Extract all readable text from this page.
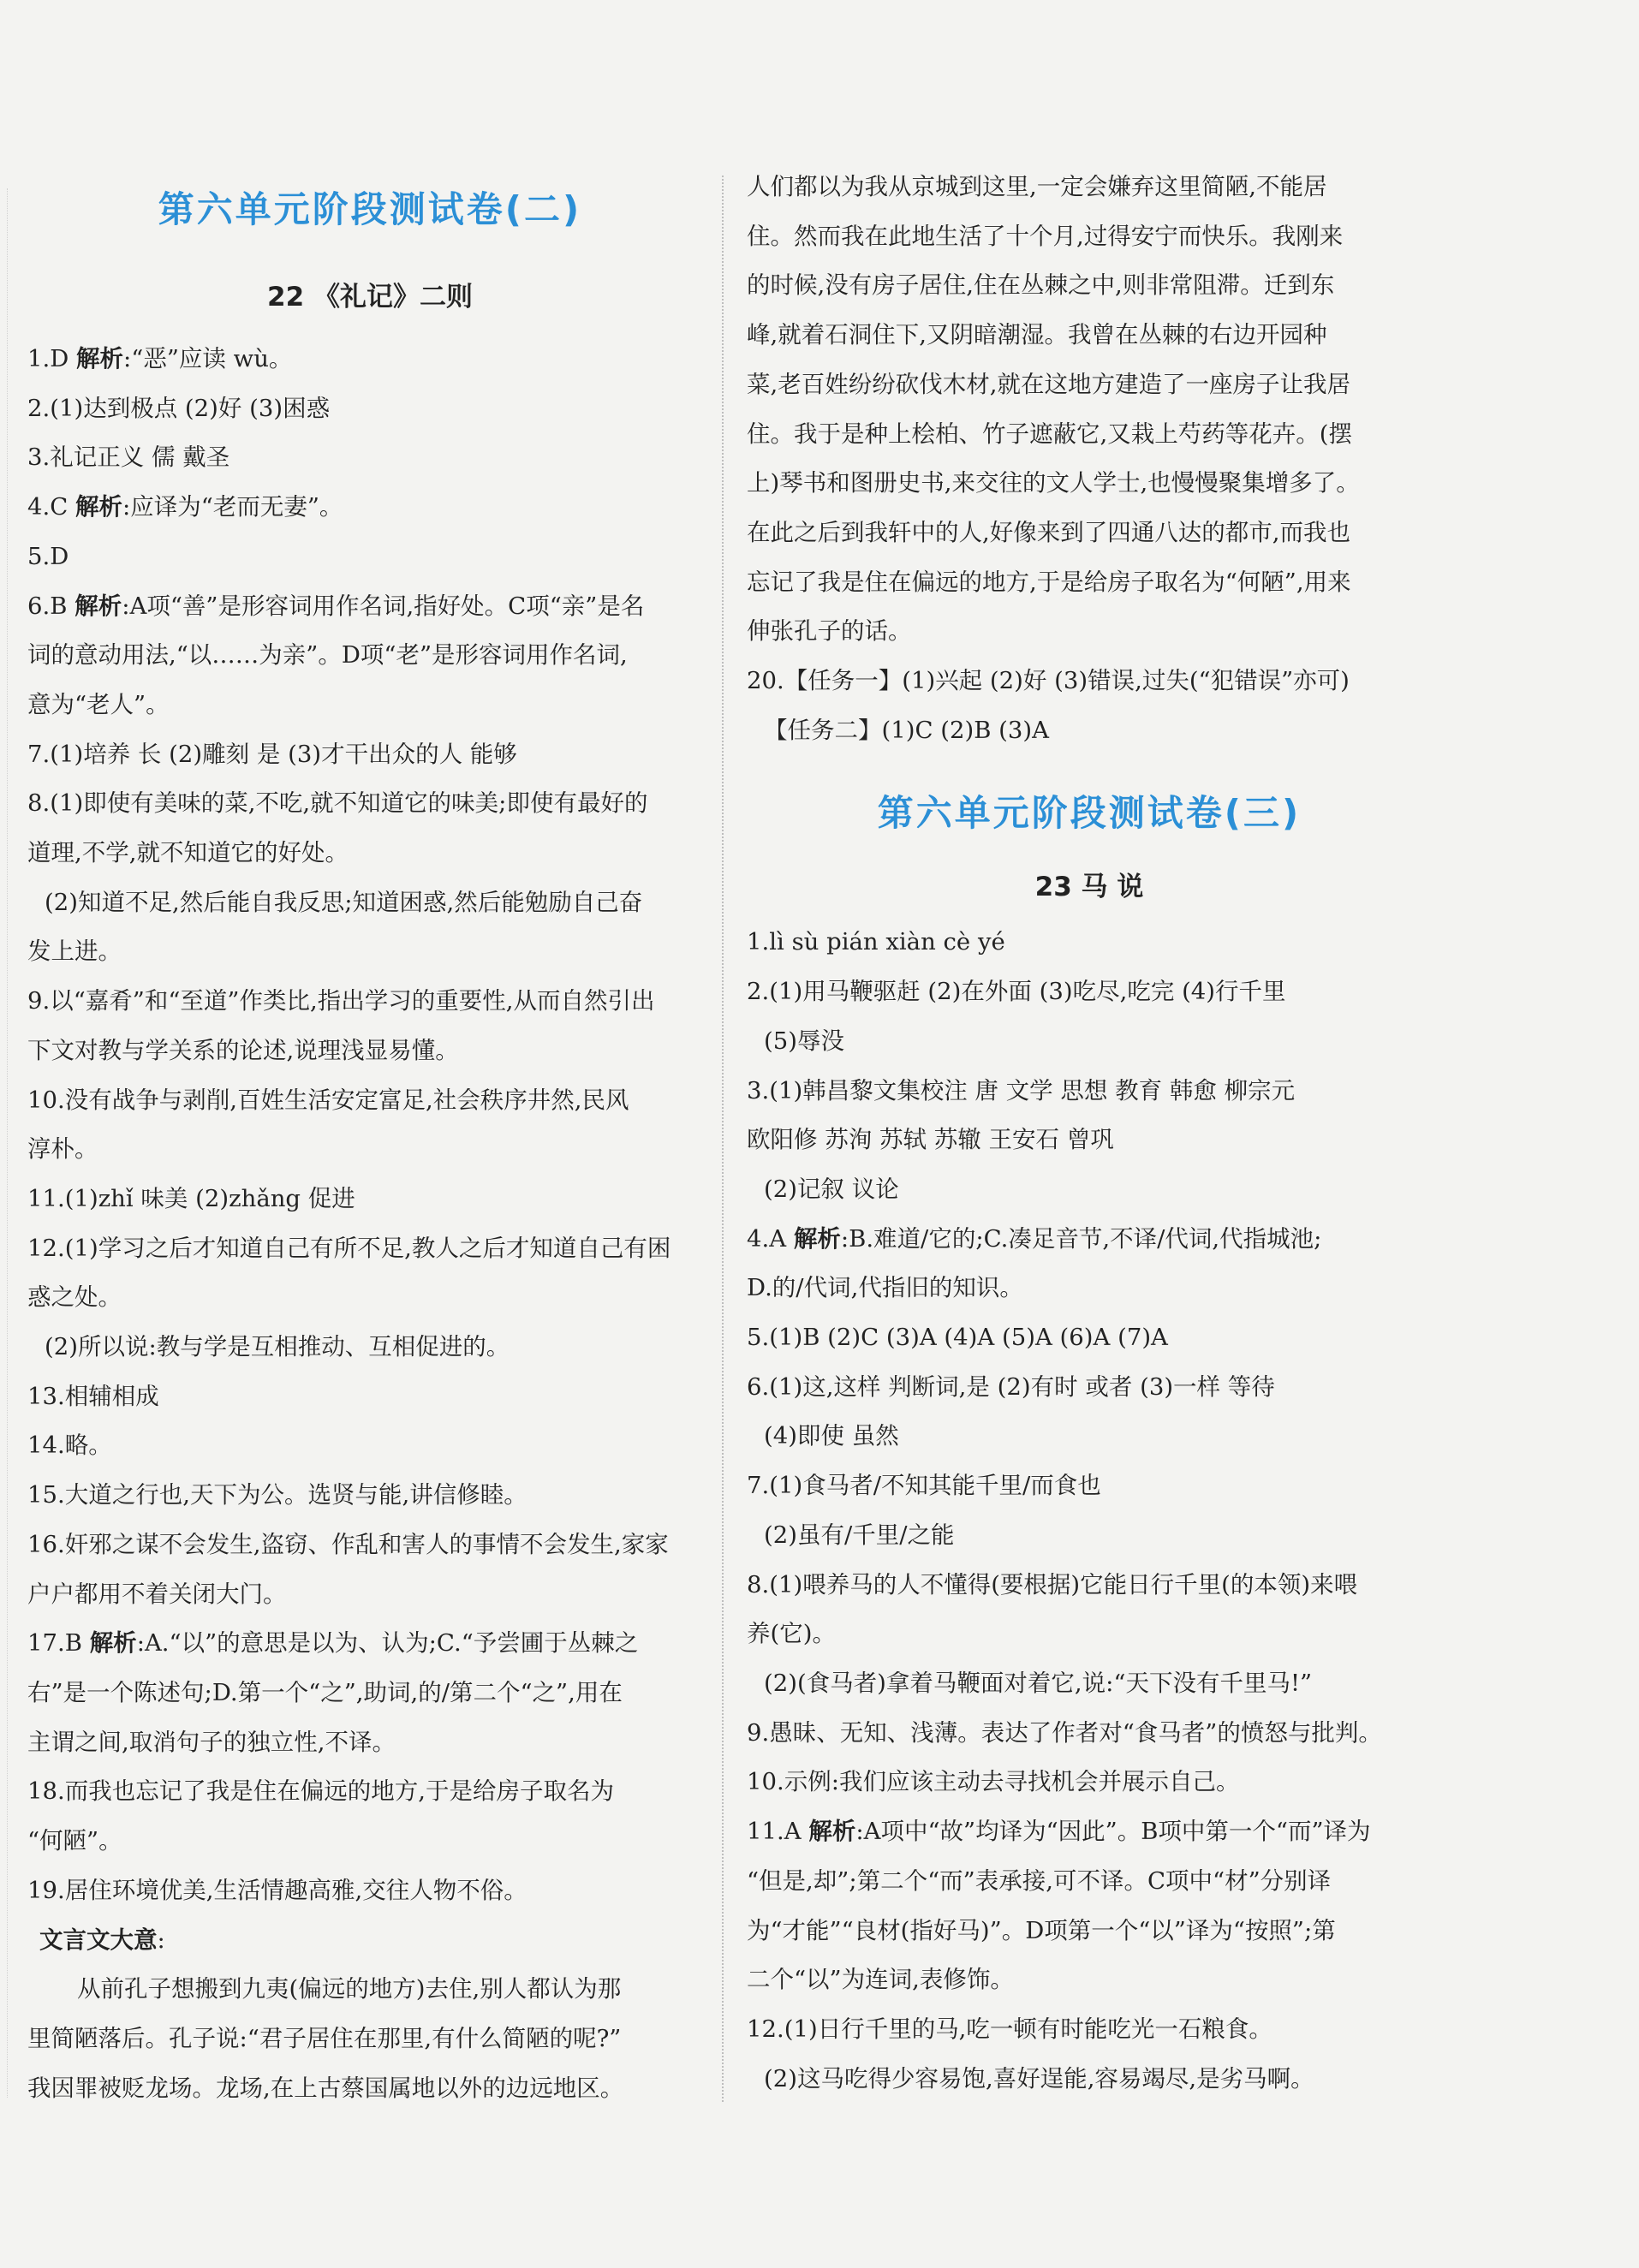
第六单元阶段测试卷(二)
22 《礼记》二则
1.D 解析:“恶”应读 wù。
2.(1)达到极点 (2)好 (3)困惑
3.礼记正义 儒 戴圣
4.C 解析:应译为“老而无妻”。
5.D
6.B 解析:A项“善”是形容词用作名词,指好处。C项“亲”是名
词的意动用法,“以……为亲”。D项“老”是形容词用作名词,
意为“老人”。
7.(1)培养 长 (2)雕刻 是 (3)才干出众的人 能够
8.(1)即使有美味的菜,不吃,就不知道它的味美;即使有最好的
道理,不学,就不知道它的好处。
(2)知道不足,然后能自我反思;知道困惑,然后能勉励自己奋
发上进。
9.以“嘉肴”和“至道”作类比,指出学习的重要性,从而自然引出
下文对教与学关系的论述,说理浅显易懂。
10.没有战争与剥削,百姓生活安定富足,社会秩序井然,民风
淳朴。
11.(1)zhǐ 味美 (2)zhǎng 促进
12.(1)学习之后才知道自己有所不足,教人之后才知道自己有困
惑之处。
(2)所以说:教与学是互相推动、互相促进的。
13.相辅相成
14.略。
15.大道之行也,天下为公。选贤与能,讲信修睦。
16.奸邪之谋不会发生,盗窃、作乱和害人的事情不会发生,家家
户户都用不着关闭大门。
17.B 解析:A.“以”的意思是以为、认为;C.“予尝圃于丛棘之
右”是一个陈述句;D.第一个“之”,助词,的/第二个“之”,用在
主谓之间,取消句子的独立性,不译。
18.而我也忘记了我是住在偏远的地方,于是给房子取名为
“何陋”。
19.居住环境优美,生活情趣高雅,交往人物不俗。
文言文大意:
从前孔子想搬到九夷(偏远的地方)去住,别人都认为那
里简陋落后。孔子说:“君子居住在那里,有什么简陋的呢?”
我因罪被贬龙场。龙场,在上古蔡国属地以外的边远地区。
人们都以为我从京城到这里,一定会嫌弃这里简陋,不能居
住。然而我在此地生活了十个月,过得安宁而快乐。我刚来
的时候,没有房子居住,住在丛棘之中,则非常阻滞。迁到东
峰,就着石洞住下,又阴暗潮湿。我曾在丛棘的右边开园种
菜,老百姓纷纷砍伐木材,就在这地方建造了一座房子让我居
住。我于是种上桧柏、竹子遮蔽它,又栽上芍药等花卉。(摆
上)琴书和图册史书,来交往的文人学士,也慢慢聚集增多了。
在此之后到我轩中的人,好像来到了四通八达的都市,而我也
忘记了我是住在偏远的地方,于是给房子取名为“何陋”,用来
伸张孔子的话。
20.【任务一】(1)兴起 (2)好 (3)错误,过失(“犯错误”亦可)
【任务二】(1)C (2)B (3)A
第六单元阶段测试卷(三)
23 马 说
1.lì sù pián xiàn cè yé
2.(1)用马鞭驱赶 (2)在外面 (3)吃尽,吃完 (4)行千里
(5)辱没
3.(1)韩昌黎文集校注 唐 文学 思想 教育 韩愈 柳宗元
欧阳修 苏洵 苏轼 苏辙 王安石 曾巩
(2)记叙 议论
4.A 解析:B.难道/它的;C.凑足音节,不译/代词,代指城池;
D.的/代词,代指旧的知识。
5.(1)B (2)C (3)A (4)A (5)A (6)A (7)A
6.(1)这,这样 判断词,是 (2)有时 或者 (3)一样 等待
(4)即使 虽然
7.(1)食马者/不知其能千里/而食也
(2)虽有/千里/之能
8.(1)喂养马的人不懂得(要根据)它能日行千里(的本领)来喂
养(它)。
(2)(食马者)拿着马鞭面对着它,说:“天下没有千里马!”
9.愚昧、无知、浅薄。表达了作者对“食马者”的愤怒与批判。
10.示例:我们应该主动去寻找机会并展示自己。
11.A 解析:A项中“故”均译为“因此”。B项中第一个“而”译为
“但是,却”;第二个“而”表承接,可不译。C项中“材”分别译
为“才能”“良材(指好马)”。D项第一个“以”译为“按照”;第
二个“以”为连词,表修饰。
12.(1)日行千里的马,吃一顿有时能吃光一石粮食。
(2)这马吃得少容易饱,喜好逞能,容易竭尽,是劣马啊。
